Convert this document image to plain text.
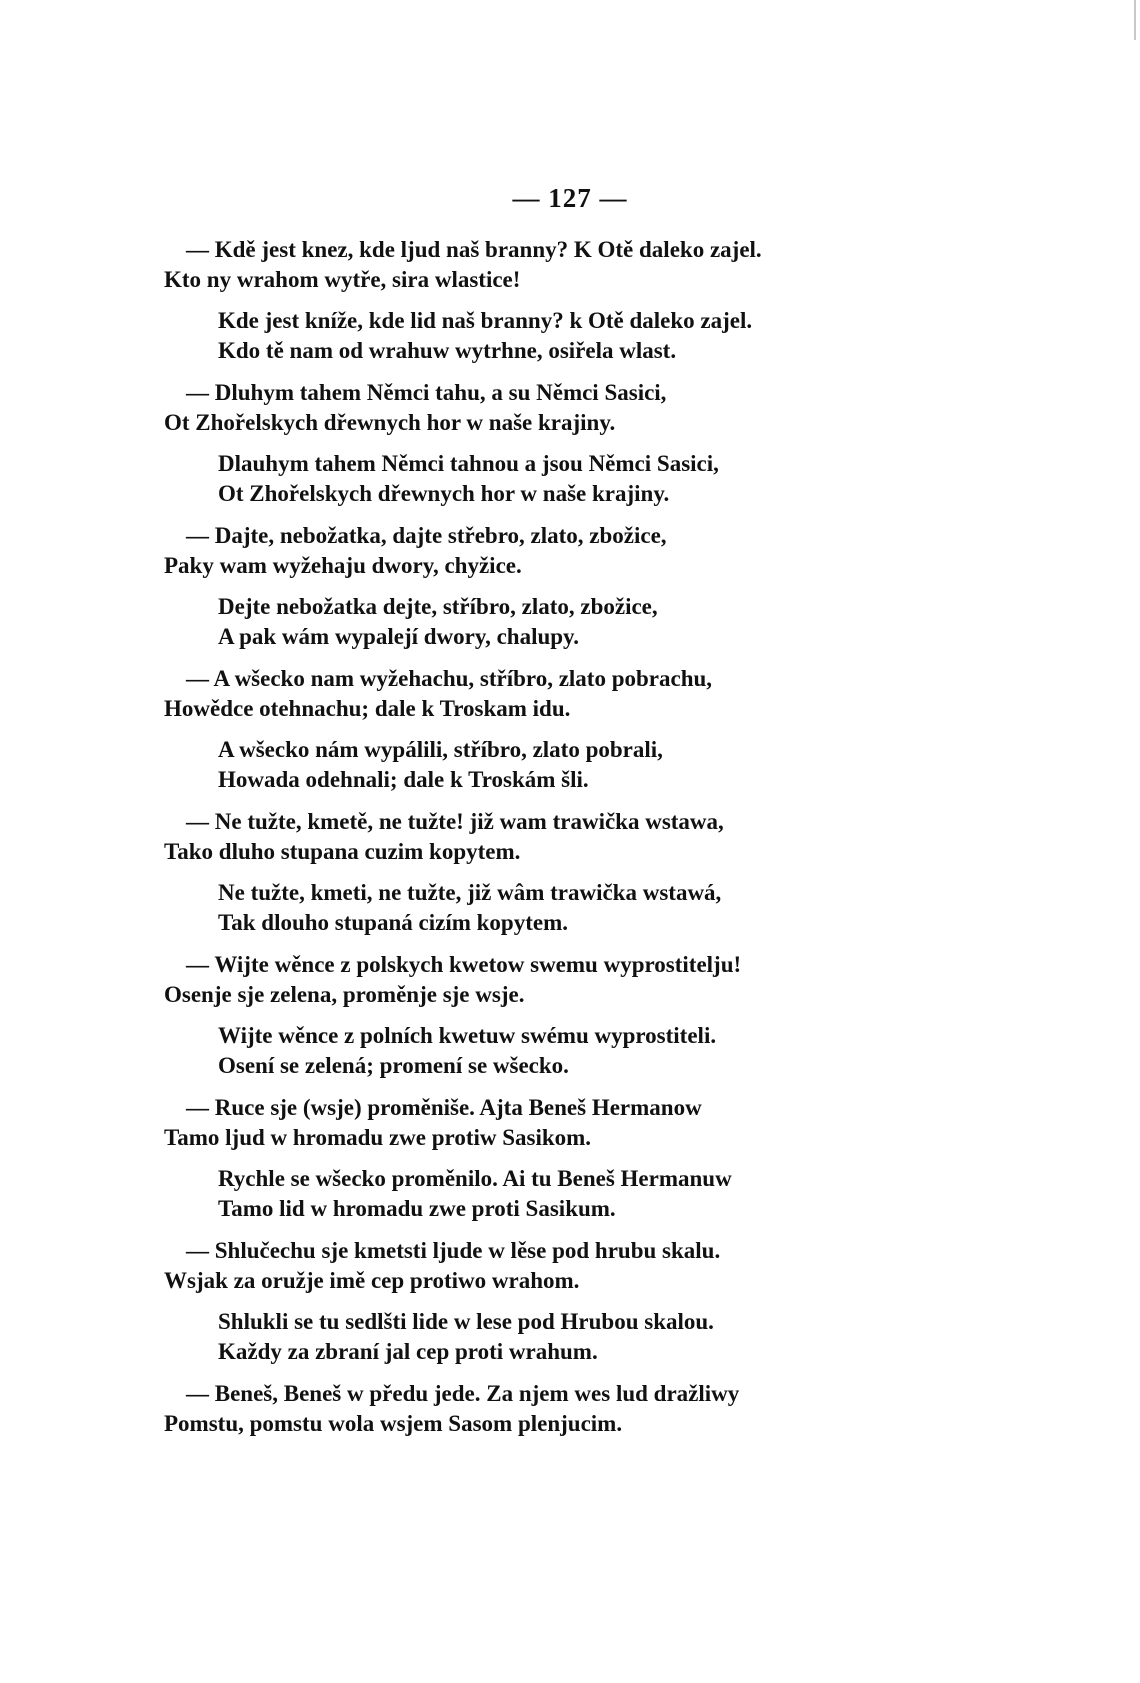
— 127 —
— Kdě jest knez, kde ljud naš branny? K Otě daleko zajel.
Kto ny wrahom wytře, sira wlastice!
Kde jest kníže, kde lid naš branny? k Otě daleko zajel.
Kdo tě nam od wrahuw wytrhne, osiřela wlast.
— Dluhym tahem Němci tahu, a su Němci Sasici,
Ot Zhořelskych dřewnych hor w naše krajiny.
Dlauhym tahem Němci tahnou a jsou Němci Sasici,
Ot Zhořelskych dřewnych hor w naše krajiny.
— Dajte, nebožatka, dajte střebro, zlato, zbožice,
Paky wam wyžehaju dwory, chyžice.
Dejte nebožatka dejte, stříbro, zlato, zbožice,
A pak wám wypalejí dwory, chalupy.
— A wšecko nam wyžehachu, stříbro, zlato pobrachu,
Howědce otehnachu; dale k Troskam idu.
A wšecko nám wypálili, stříbro, zlato pobrali,
Howada odehnali; dale k Troskám šli.
— Ne tužte, kmetě, ne tužte! již wam trawička wstawa,
Tako dluho stupana cuzim kopytem.
Ne tužte, kmeti, ne tužte, již wâm trawička wstawá,
Tak dlouho stupaná cizím kopytem.
— Wijte wěnce z polskych kwetow swemu wyprostitelju!
Osenje sje zelena, proměnje sje wsje.
Wijte wěnce z polních kwetuw swému wyprostiteli.
Osení se zelená; promení se wšecko.
— Ruce sje (wsje) proměniše. Ajta Beneš Hermanow
Tamo ljud w hromadu zwe protiw Sasikom.
Rychle se wšecko proměnilo. Ai tu Beneš Hermanuw
Tamo lid w hromadu zwe proti Sasikum.
— Shlučechu sje kmetsti ljude w lěse pod hrubu skalu.
Wsjak za oružje imě cep protiwo wrahom.
Shlukli se tu sedlšti lide w lese pod Hrubou skalou.
Každy za zbraní jal cep proti wrahum.
— Beneš, Beneš w předu jede. Za njem wes lud dražliwy
Pomstu, pomstu wola wsjem Sasom plenjucim.
